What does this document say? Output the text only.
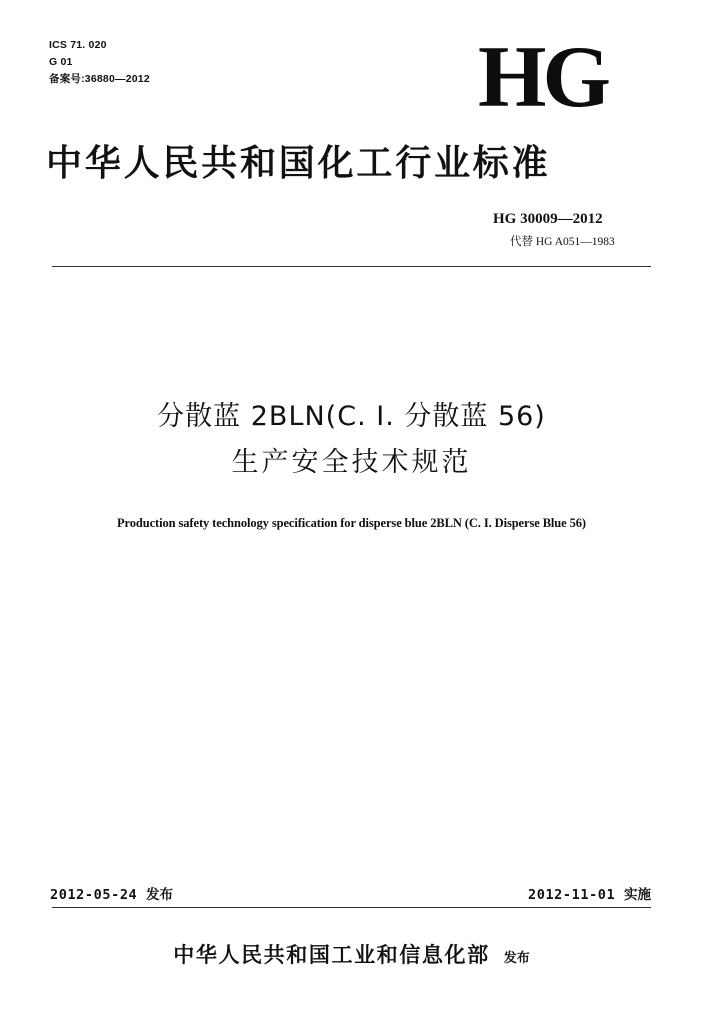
ICS 71. 020
G 01
备案号:36880—2012	HG
中华人民共和国化工行业标准
HG 30009—2012
代替 HG A051—1983
分散蓝 2BLN(C. I. 分散蓝 56)
生产安全技术规范
Production safety technology specification for disperse blue 2BLN (C. I. Disperse Blue 56)
2012-05-24 发布	2012-11-01 实施
中华人民共和国工业和信息化部 发布
